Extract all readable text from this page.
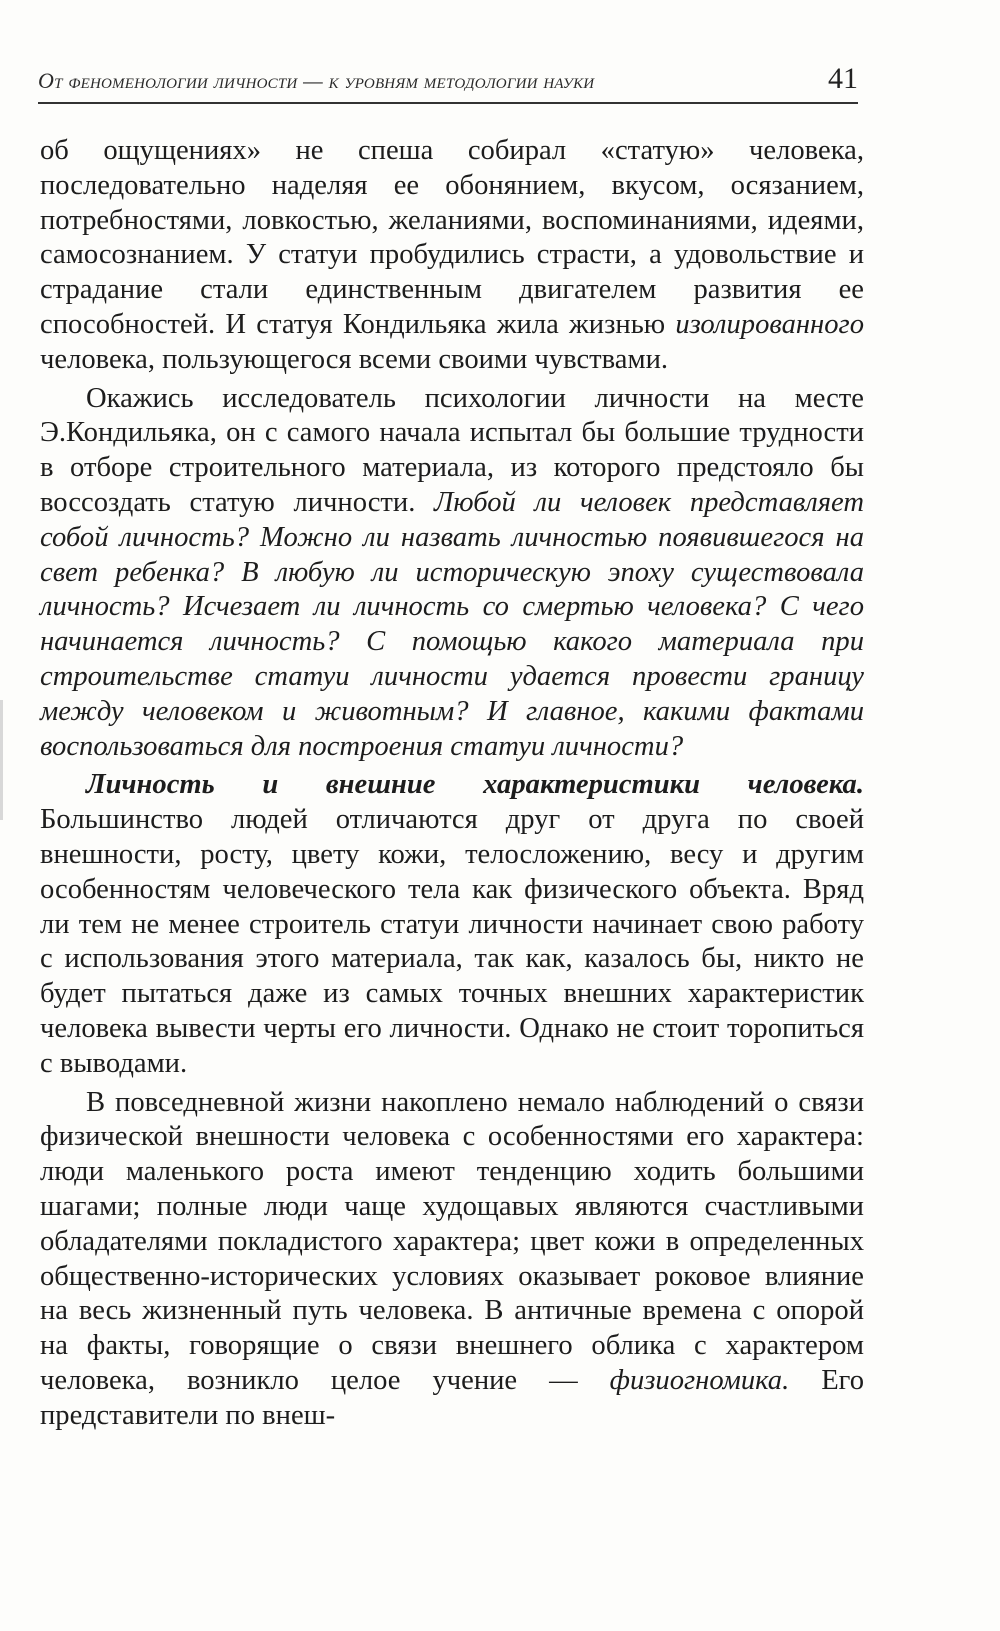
От феноменологии личности — к уровням методологии науки	41

об ощущениях» не спеша собирал «статую» человека, последовательно наделяя ее обонянием, вкусом, осязанием, потребностями, ловкостью, желаниями, воспоминаниями, идеями, самосознанием. У статуи пробудились страсти, а удовольствие и страдание стали единственным двигателем развития ее способностей. И статуя Кондильяка жила жизнью изолированного человека, пользующегося всеми своими чувствами.

Окажись исследователь психологии личности на месте Э.Кондильяка, он с самого начала испытал бы большие трудности в отборе строительного материала, из которого предстояло бы воссоздать статую личности. Любой ли человек представляет собой личность? Можно ли назвать личностью появившегося на свет ребенка? В любую ли историческую эпоху существовала личность? Исчезает ли личность со смертью человека? С чего начинается личность? С помощью какого материала при строительстве статуи личности удается провести границу между человеком и животным? И главное, какими фактами воспользоваться для построения статуи личности?

Личность и внешние характеристики человека. Большинство людей отличаются друг от друга по своей внешности, росту, цвету кожи, телосложению, весу и другим особенностям человеческого тела как физического объекта. Вряд ли тем не менее строитель статуи личности начинает свою работу с использования этого материала, так как, казалось бы, никто не будет пытаться даже из самых точных внешних характеристик человека вывести черты его личности. Однако не стоит торопиться с выводами.

В повседневной жизни накоплено немало наблюдений о связи физической внешности человека с особенностями его характера: люди маленького роста имеют тенденцию ходить большими шагами; полные люди чаще худощавых являются счастливыми обладателями покладистого характера; цвет кожи в определенных общественно-исторических условиях оказывает роковое влияние на весь жизненный путь человека. В античные времена с опорой на факты, говорящие о связи внешнего облика с характером человека, возникло целое учение — физиогномика. Его представители по внеш-
